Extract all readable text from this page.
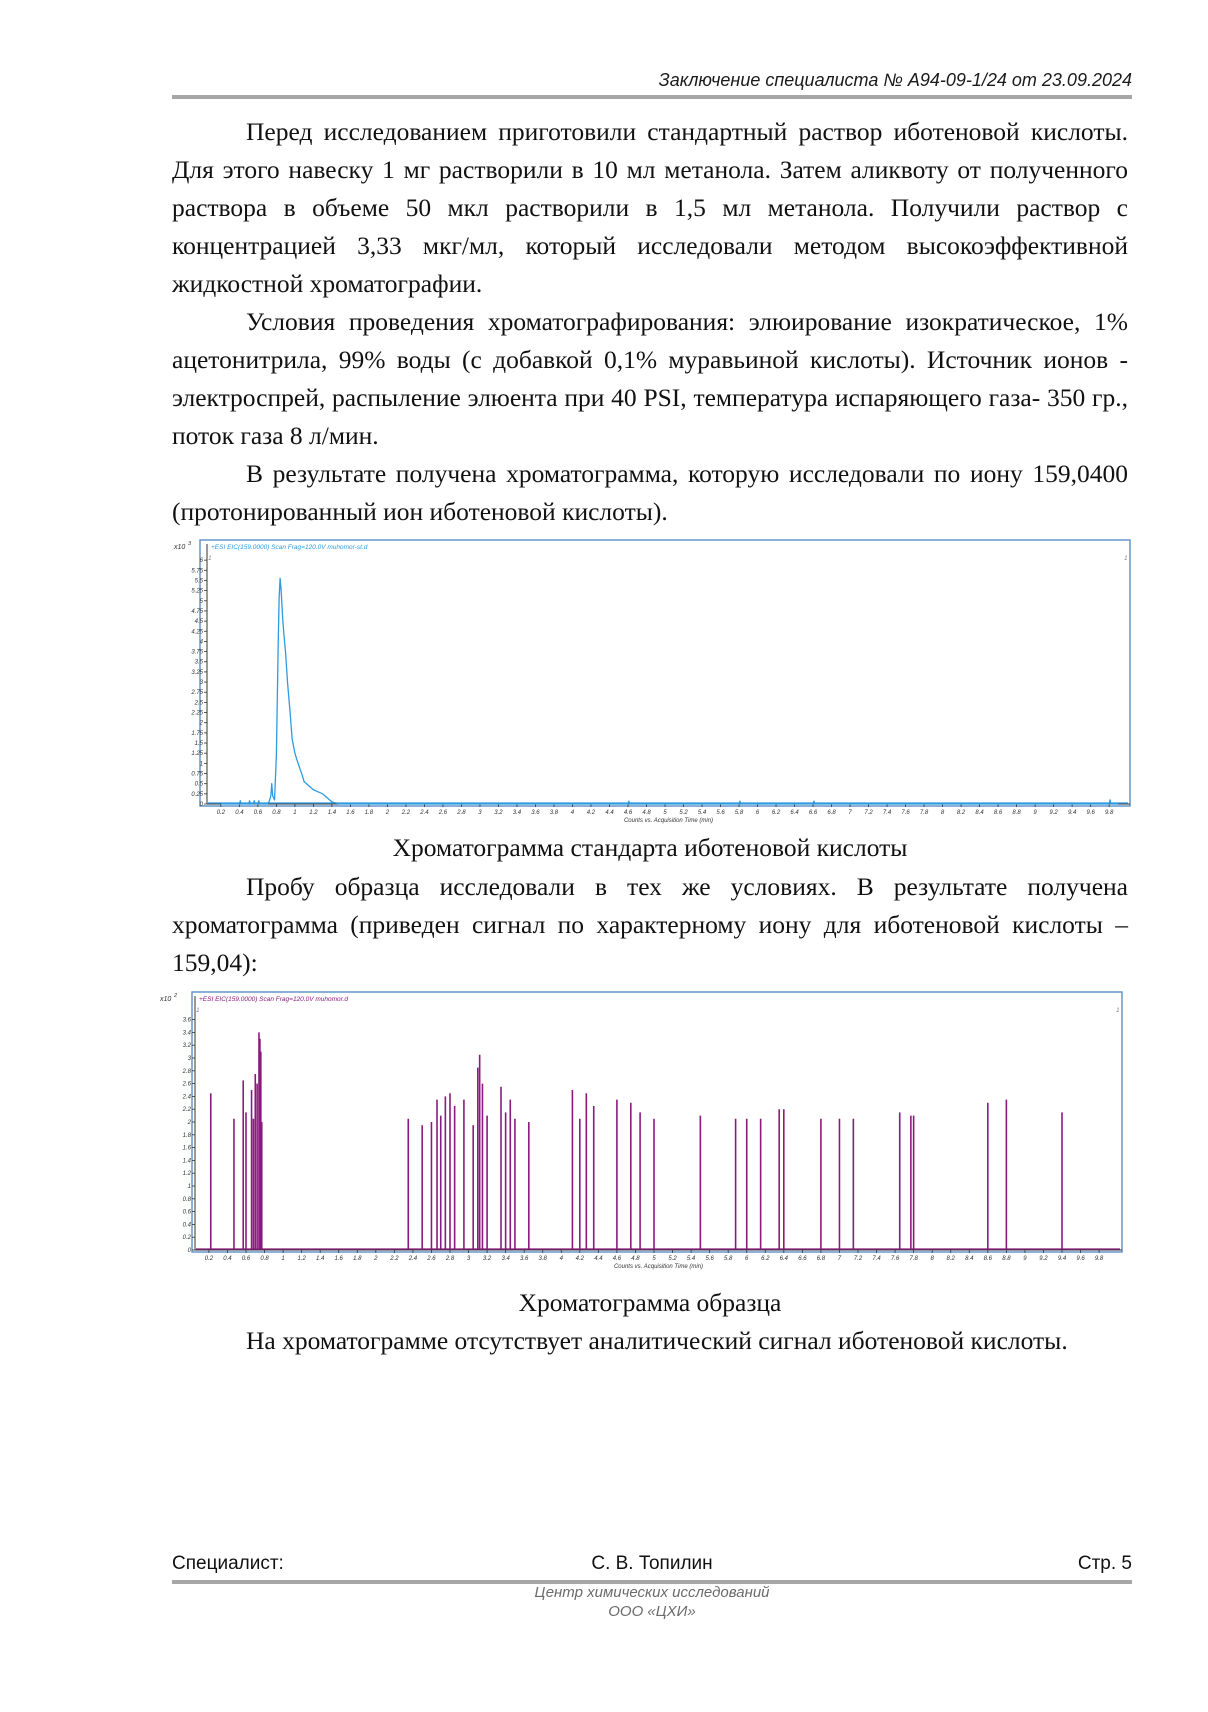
Заключение специалиста № А94-09-1/24 от 23.09.2024

Перед исследованием приготовили стандартный раствор иботеновой кислоты. Для этого навеску 1 мг растворили в 10 мл метанола. Затем аликвоту от полученного раствора в объеме 50 мкл растворили в 1,5 мл метанола. Получили раствор с концентрацией 3,33 мкг/мл, который исследовали методом высокоэффективной жидкостной хроматографии.

Условия проведения хроматографирования: элюирование изократическое, 1% ацетонитрила, 99% воды (с добавкой 0,1% муравьиной кислоты). Источник ионов - электроспрей, распыление элюента при 40 PSI, температура испаряющего газа- 350 гр., поток газа 8 л/мин.

В результате получена хроматограмма, которую исследовали по иону 159,0400 (протонированный ион иботеновой кислоты).

+ESI EIC(159.0000) Scan Frag=120.0V muhomor-st.d
1	1
x10 3
0
0.25
0.5
0.75
1
1.25
1.5
1.75
2
2.25
2.5
2.75
3
3.25
3.5
3.75
4
4.25
4.5
4.75
5
5.25
5.5
5.75
6
0.2 0.4 0.6 0.8 1 1.2 1.4 1.6 1.8 2 2.2 2.4 2.6 2.8 3 3.2 3.4 3.6 3.8 4 4.2 4.4 4.6 4.8 5 5.2 5.4 5.6 5.8 6 6.2 6.4 6.6 6.8 7 7.2 7.4 7.6 7.8 8 8.2 8.4 8.6 8.8 9 9.2 9.4 9.6 9.8
Counts vs. Acquisition Time (min)
Хроматограмма стандарта иботеновой кислоты

Пробу образца исследовали в тех же условиях. В результате получена хроматограмма (приведен сигнал по характерному иону для иботеновой кислоты – 159,04):

+ESI EIC(159.0000) Scan Frag=120.0V muhomor.d
1	1
x10 2
0
0.2
0.4
0.6
0.8
1
1.2
1.4
1.6
1.8
2
2.2
2.4
2.6
2.8
3
3.2
3.4
3.6
0.2 0.4 0.6 0.8 1 1.2 1.4 1.6 1.8 2 2.2 2.4 2.6 2.8 3 3.2 3.4 3.6 3.8 4 4.2 4.4 4.6 4.8 5 5.2 5.4 5.6 5.8 6 6.2 6.4 6.6 6.8 7 7.2 7.4 7.6 7.8 8 8.2 8.4 8.6 8.8 9 9.2 9.4 9.6 9.8
Counts vs. Acquisition Time (min)
Хроматограмма образца

На хроматограмме отсутствует аналитический сигнал иботеновой кислоты.

Специалист:	С. В. Топилин	Стр. 5
Центр химических исследований
ООО «ЦХИ»
